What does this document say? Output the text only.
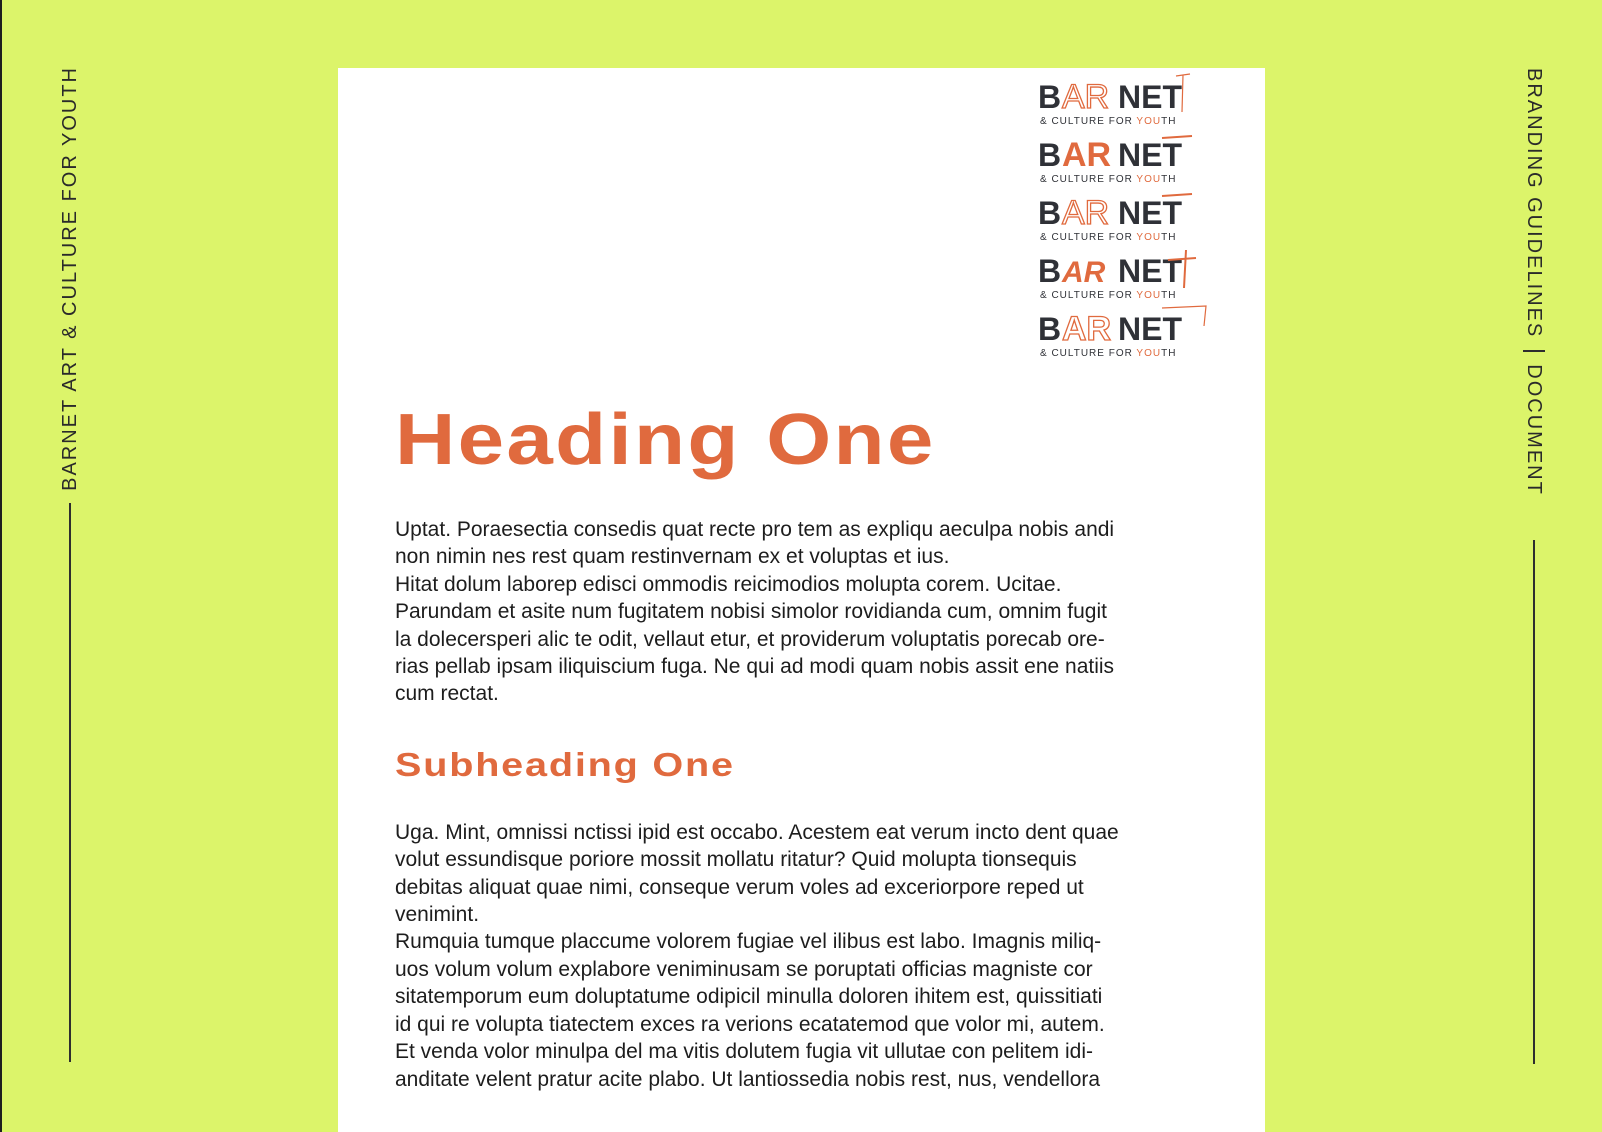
BARNET ART & CULTURE FOR YOUTH	BRANDING GUIDELINES
DOCUMENT
B AR NET
& CULTURE FOR YOUTH
B AR NET
& CULTURE FOR YOUTH
B AR NET
& CULTURE FOR YOUTH
B AR NET
& CULTURE FOR YOUTH
B AR NET
& CULTURE FOR YOUTH
Heading One

Uptat. Poraesectia consedis quat recte pro tem as expliqu aeculpa nobis andi

non nimin nes rest quam restinvernam ex et voluptas et ius.

Hitat dolum laborep edisci ommodis reicimodios molupta corem. Ucitae.

Parundam et asite num fugitatem nobisi simolor rovidianda cum, omnim fugit

la dolecersperi alic te odit, vellaut etur, et providerum voluptatis porecab ore-

rias pellab ipsam iliquiscium fuga. Ne qui ad modi quam nobis assit ene natiis

cum rectat.

Subheading One

Uga. Mint, omnissi nctissi ipid est occabo. Acestem eat verum incto dent quae

volut essundisque poriore mossit mollatu ritatur? Quid molupta tionsequis

debitas aliquat quae nimi, conseque verum voles ad exceriorpore reped ut

venimint.

Rumquia tumque placcume volorem fugiae vel ilibus est labo. Imagnis miliq-

uos volum volum explabore veniminusam se poruptati officias magniste cor

sitatemporum eum doluptatume odipicil minulla doloren ihitem est, quissitiati

id qui re volupta tiatectem exces ra verions ecatatemod que volor mi, autem.

Et venda volor minulpa del ma vitis dolutem fugia vit ullutae con pelitem idi-

anditate velent pratur acite plabo. Ut lantiossedia nobis rest, nus, vendellora
